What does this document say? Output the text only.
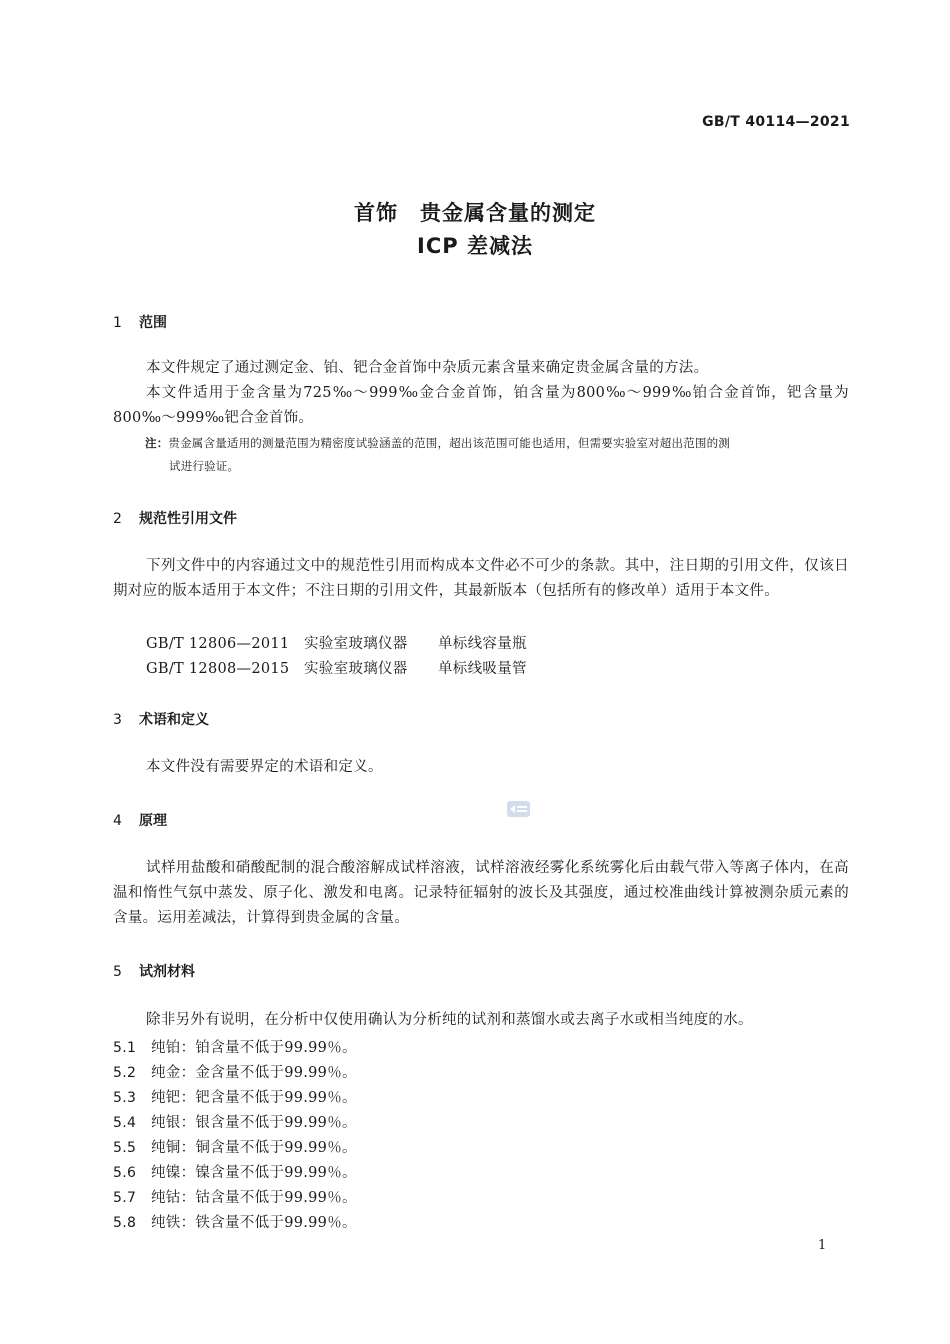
GB/T 40114—2021
首饰　贵金属含量的测定
ICP 差减法
1 范围
本文件规定了通过测定金、铂、钯合金首饰中杂质元素含量来确定贵金属含量的方法。
本文件适用于金含量为725‰～999‰金合金首饰，铂含量为800‰～999‰铂合金首饰，钯含量为800‰～999‰钯合金首饰。
注：贵金属含量适用的测量范围为精密度试验涵盖的范围，超出该范围可能也适用，但需要实验室对超出范围的测
试进行验证。
2 规范性引用文件
下列文件中的内容通过文中的规范性引用而构成本文件必不可少的条款。其中，注日期的引用文件，仅该日期对应的版本适用于本文件；不注日期的引用文件，其最新版本（包括所有的修改单）适用于本文件。
GB/T 12806—2011 实验室玻璃仪器 单标线容量瓶
GB/T 12808—2015 实验室玻璃仪器 单标线吸量管
3 术语和定义
本文件没有需要界定的术语和定义。
4 原理
试样用盐酸和硝酸配制的混合酸溶解成试样溶液，试样溶液经雾化系统雾化后由载气带入等离子体内，在高温和惰性气氛中蒸发、原子化、激发和电离。记录特征辐射的波长及其强度，通过校准曲线计算被测杂质元素的含量。运用差减法，计算得到贵金属的含量。
5 试剂材料
除非另外有说明，在分析中仅使用确认为分析纯的试剂和蒸馏水或去离子水或相当纯度的水。
5.1 纯铂：铂含量不低于99.99％。
5.2 纯金：金含量不低于99.99％。
5.3 纯钯：钯含量不低于99.99％。
5.4 纯银：银含量不低于99.99％。
5.5 纯铜：铜含量不低于99.99％。
5.6 纯镍：镍含量不低于99.99％。
5.7 纯钴：钴含量不低于99.99％。
5.8 纯铁：铁含量不低于99.99％。
1
